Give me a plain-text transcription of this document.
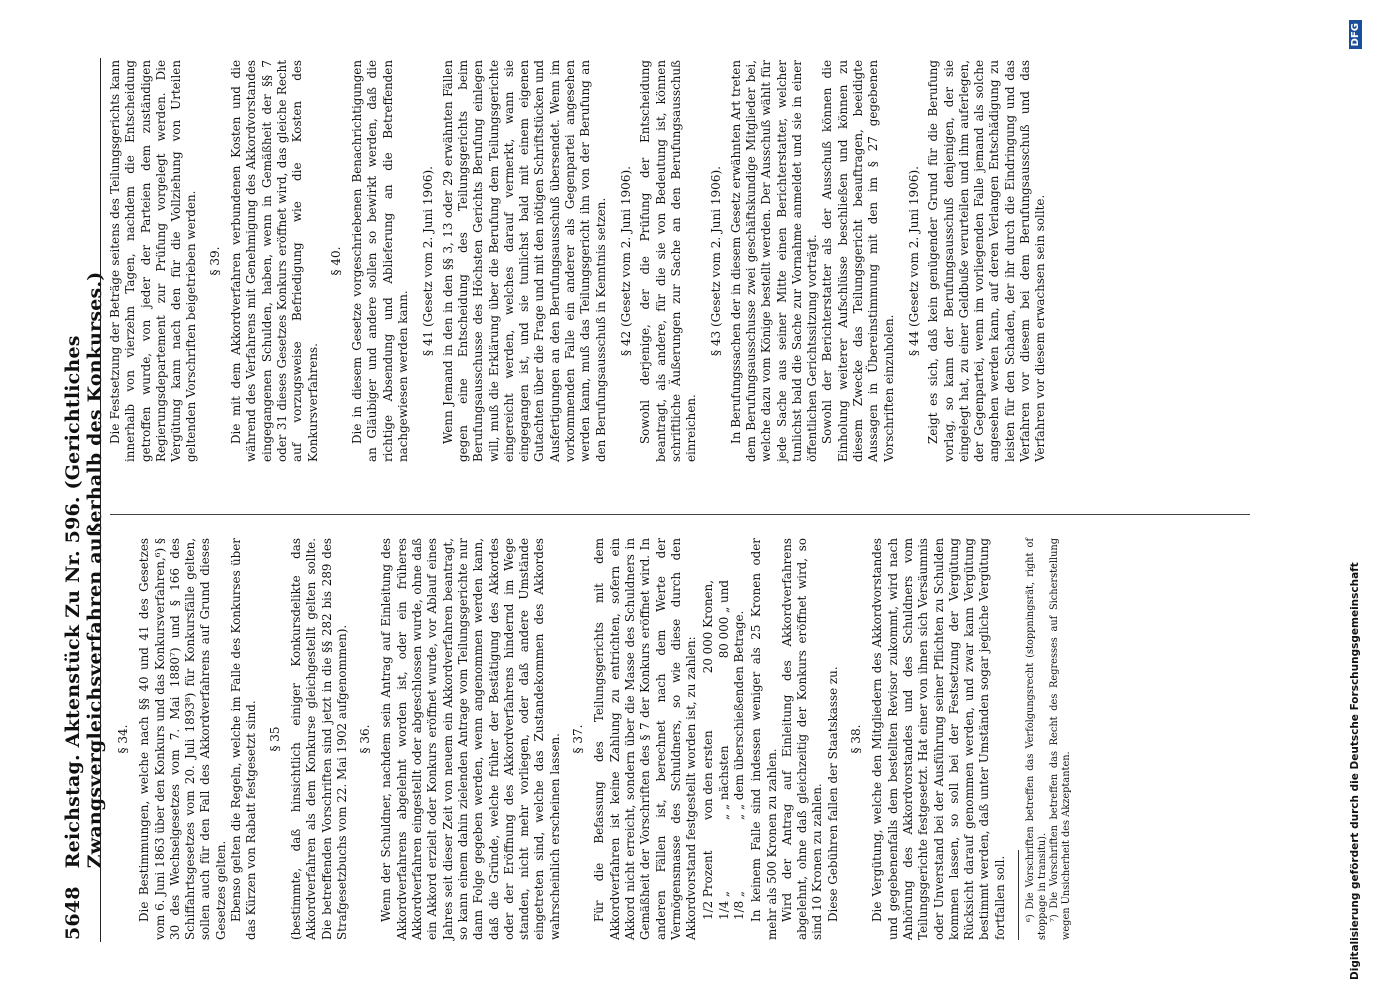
5648
Reichstag. Aktenstück Zu Nr. 596. (Gerichtliches Zwangsvergleichsverfahren außerhalb des Konkurses.) § 34. Die Bestimmungen, welche nach §§ 40 und 41 des Gesetzes vom 6. Juni 1863 über den Konkurs und das Konkursverfahren,⁶) § 30 des Wechselgesetzes vom 7. Mai 1880⁷) und § 166 des Schiffahrtsgesetzes vom 20. Juli 1893⁸) für Konkursfälle gelten, sollen auch für den Fall des Akkordverfahrens auf Grund dieses Gesetzes gelten. Ebenso gelten die Regeln, welche im Falle des Konkurses über das Kürzen von Rabatt festgesetzt sind. § 35 (bestimmte, daß hinsichtlich einiger Konkursdelikte das Akkordverfahren als dem Konkurse gleichgestellt gelten sollte. Die betreffenden Vorschriften sind jetzt in die §§ 282 bis 289 des Strafgesetzbuchs vom 22. Mai 1902 aufgenommen). § 36. Wenn der Schuldner, nachdem sein Antrag auf Einleitung des Akkordverfahrens abgelehnt worden ist, oder ein früheres Akkordverfahren eingestellt oder abgeschlossen wurde, ohne daß ein Akkord erzielt oder Konkurs eröffnet wurde, vor Ablauf eines Jahres seit dieser Zeit von neuem ein Akkordverfahren beantragt, so kann einem dahin zielenden Antrage vom Teilungsgerichte nur dann Folge gegeben werden, wenn angenommen werden kann, daß die Gründe, welche früher der Bestätigung des Akkordes oder der Eröffnung des Akkordverfahrens hindernd im Wege standen, nicht mehr vorliegen, oder daß andere Umstände eingetreten sind, welche das Zustandekommen des Akkordes wahrscheinlich erscheinen lassen. § 37. Für die Befassung des Teilungsgerichts mit dem Akkordverfahren ist keine Zahlung zu entrichten, sofern ein Akkord nicht erreicht, sondern über die Masse des Schuldners in Gemäßheit der Vorschriften des § 7 der Konkurs eröffnet wird. In anderen Fällen ist, berechnet nach dem Werte der Vermögensmasse des Schuldners, so wie diese durch den Akkordvorstand festgestellt worden ist, zu zahlen: 1/2 Prozent
von den ersten
20 000 Kronen,
1/4 „
„ „ nächsten
80 000 „ und
1/8 „
„ „ dem überschießenden Betrage. In keinem Falle sind indessen weniger als 25 Kronen oder mehr als 500 Kronen zu zahlen. Wird der Antrag auf Einleitung des Akkordverfahrens abgelehnt, ohne daß gleichzeitig der Konkurs eröffnet wird, so sind 10 Kronen zu zahlen. Diese Gebühren fallen der Staatskasse zu. § 38. Die Vergütung, welche den Mitgliedern des Akkordvorstandes und gegebenenfalls dem bestellten Revisor zukommt, wird nach Anhörung des Akkordvorstandes und des Schuldners vom Teilungsgerichte festgesetzt. Hat einer von ihnen sich Versäumnis oder Unverstand bei der Ausführung seiner Pflichten zu Schulden kommen lassen, so soll bei der Festsetzung der Vergütung Rücksicht darauf genommen werden, und zwar kann Vergütung bestimmt werden, daß unter Umständen sogar jegliche Vergütung fortfallen soll. ⁶) Die Vorschriften betreffen das Verfolgungsrecht (stoppningsrät, right of stoppage in transitu). ⁷) Die Vorschriften betreffen das Recht des Regresses auf Sicherstellung wegen Unsicherheit des Akzeptanten.

Die Festsetzung der Beträge seitens des Teilungsgerichts kann innerhalb von vierzehn Tagen, nachdem die Entscheidung getroffen wurde, von jeder der Parteien dem zuständigen Regierungsdepartement zur Prüfung vorgelegt werden. Die Vergütung kann nach den für die Vollziehung von Urteilen geltenden Vorschriften beigetrieben werden. § 39. Die mit dem Akkordverfahren verbundenen Kosten und die während des Verfahrens mit Genehmigung des Akkordvorstandes eingegangenen Schulden, haben, wenn in Gemäßheit der §§ 7 oder 31 dieses Gesetzes Konkurs eröffnet wird, das gleiche Recht auf vorzugsweise Befriedigung wie die Kosten des Konkursverfahrens.

§ 40. Die in diesem Gesetze vorgeschriebenen Benachrichtigungen an Gläubiger und andere sollen so bewirkt werden, daß die richtige Absendung und Ablieferung an die Betreffenden nachgewiesen werden kann.

§ 41 (Gesetz vom 2. Juni 1906). Wenn Jemand in den in den §§ 3, 13 oder 29 erwähnten Fällen gegen eine Entscheidung des Teilungsgerichts beim Berufungsausschusse des Höchsten Gerichts Berufung einlegen will, muß die Erklärung über die Berufung dem Teilungsgerichte eingereicht werden, welches darauf vermerkt, wann sie eingegangen ist, und sie tunlichst bald mit einem eigenen Gutachten über die Frage und mit den nötigen Schriftstücken und Ausfertigungen an den Berufungsausschuß übersendet. Wenn im vorkommenden Falle ein anderer als Gegenpartei angesehen werden kann, muß das Teilungsgericht ihn von der Berufung an den Berufungsausschuß in Kenntnis setzen. § 42 (Gesetz vom 2. Juni 1906). Sowohl derjenige, der die Prüfung der Entscheidung beantragt, als andere, für die sie von Bedeutung ist, können schriftliche Äußerungen zur Sache an den Berufungsausschuß einreichen.

§ 43 (Gesetz vom 2. Juni 1906). In Berufungssachen der in diesem Gesetz erwähnten Art treten dem Berufungsausschusse zwei geschäftskundige Mitglieder bei, welche dazu vom Könige bestellt werden. Der Ausschuß wählt für jede Sache aus seiner Mitte einen Berichterstatter, welcher tunlichst bald die Sache zur Vornahme anmeldet und sie in einer öffentlichen Gerichtssitzung vorträgt. Sowohl der Berichterstatter als der Ausschuß können die Einholung weiterer Aufschlüsse beschließen und können zu diesem Zwecke das Teilungsgericht beauftragen, beeidigte Aussagen in Übereinstimmung mit den im § 27 gegebenen Vorschriften einzuholen.

§ 44 (Gesetz vom 2. Juni 1906). Zeigt es sich, daß kein genügender Grund für die Berufung vorlag, so kann der Berufungsausschuß denjenigen, der sie eingelegt hat, zu einer Geldbuße verurteilen und ihm auferlegen, der Gegenpartei, wenn im vorliegenden Falle jemand als solche angesehen werden kann, auf deren Verlangen Entschädigung zu leisten für den Schaden, der ihr durch die Eindringung und das Verfahren vor diesem bei dem Berufungsausschuß und das Verfahren vor diesem erwachsen sein sollte.

Digitalisierung gefördert durch die Deutsche Forschungsgemeinschaft
DFG
